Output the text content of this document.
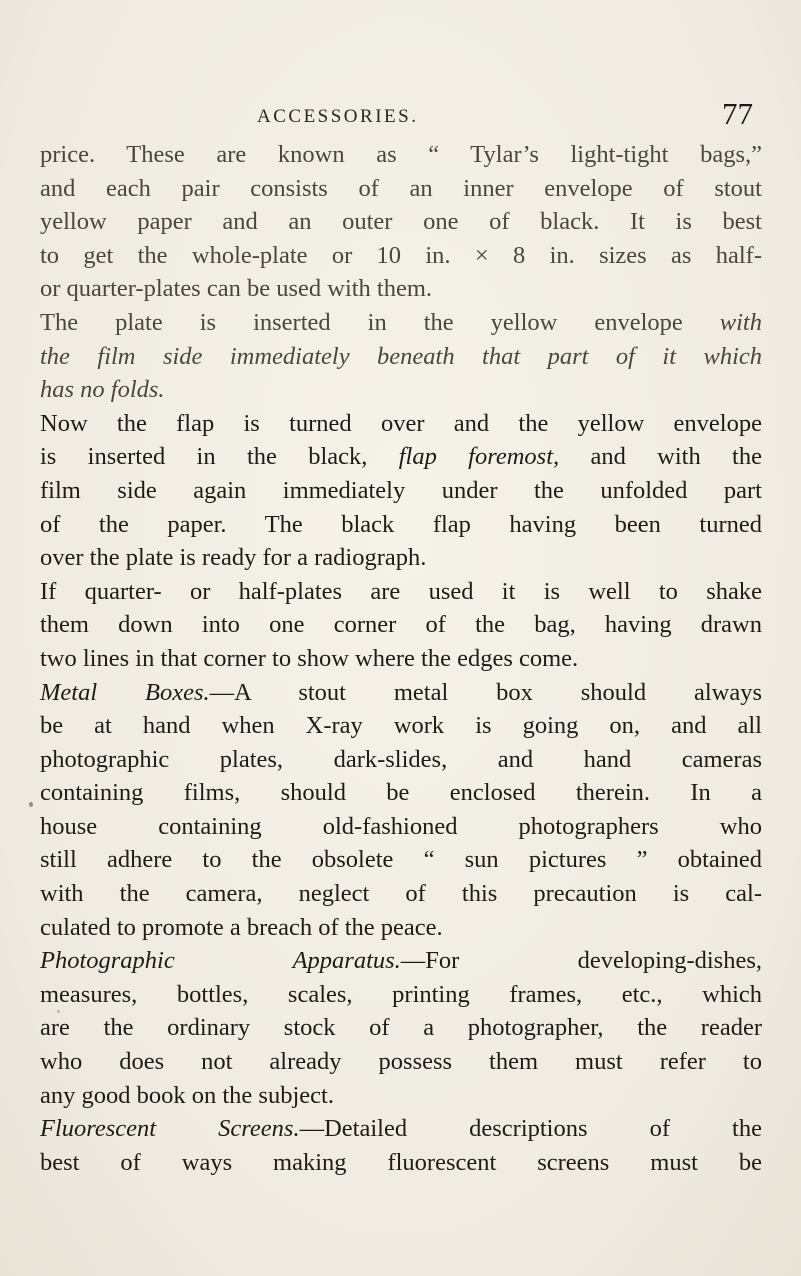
ACCESSORIES.	77
price. These are known as “ Tylar’s light-tight bags,”
and each pair consists of an inner envelope of stout
yellow paper and an outer one of black. It is best
to get the whole-plate or 10 in. × 8 in. sizes as half-
or quarter-plates can be used with them.
The plate is inserted in the yellow envelope with
the film side immediately beneath that part of it which
has no folds.
Now the flap is turned over and the yellow envelope
is inserted in the black, flap foremost, and with the
film side again immediately under the unfolded part
of the paper. The black flap having been turned
over the plate is ready for a radiograph.
If quarter- or half-plates are used it is well to shake
them down into one corner of the bag, having drawn
two lines in that corner to show where the edges come.
Metal Boxes.—A stout metal box should always
be at hand when X-ray work is going on, and all
photographic plates, dark-slides, and hand cameras
containing films, should be enclosed therein. In a
house containing old-fashioned photographers who
still adhere to the obsolete “ sun pictures ” obtained
with the camera, neglect of this precaution is cal-
culated to promote a breach of the peace.
Photographic Apparatus.—For developing-dishes,
measures, bottles, scales, printing frames, etc., which
are the ordinary stock of a photographer, the reader
who does not already possess them must refer to
any good book on the subject.
Fluorescent Screens.—Detailed descriptions of the
best of ways making fluorescent screens must be
